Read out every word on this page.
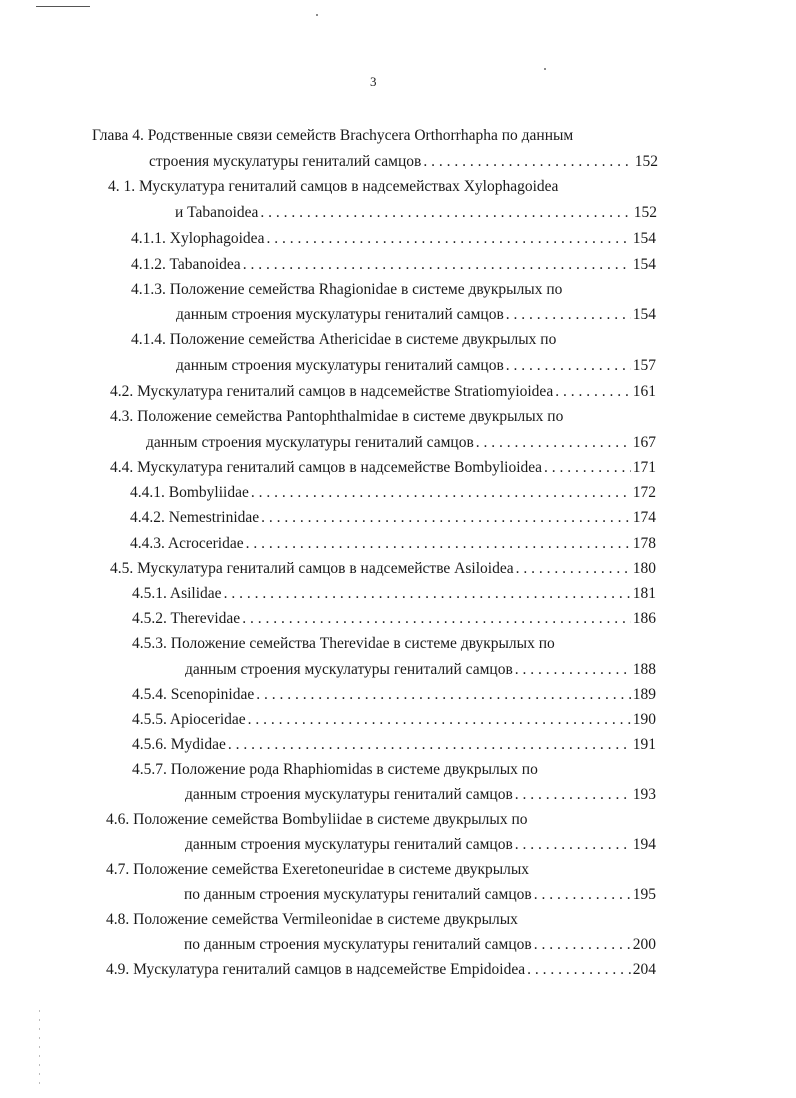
3
Глава 4. Родственные связи семейств Brachycera Orthorrhapha по данным
строения мускулатуры гениталий самцов . . .	152
4. 1. Мускулатура гениталий самцов в надсемействах Xylophagoidea
и Tabanoidea . . .	152
4.1.1. Xylophagoidea . . .	154
4.1.2. Tabanoidea . . .	154
4.1.3. Положение семейства Rhagionidae в системе двукрылых по
данным строения мускулатуры гениталий самцов . . .	154
4.1.4. Положение семейства Athericidae в системе двукрылых по
данным строения мускулатуры гениталий самцов . . .	157
4.2. Мускулатура гениталий самцов в надсемействе Stratiomyioidea . . .	161
4.3. Положение семейства Pantophthalmidae в системе двукрылых по
данным строения мускулатуры гениталий самцов . . .	167
4.4. Мускулатура гениталий самцов в надсемействе Bombylioidea . . .	171
4.4.1. Bombyliidae . . .	172
4.4.2. Nemestrinidae . . .	174
4.4.3. Acroceridae . . .	178
4.5. Мускулатура гениталий самцов в надсемействе Asiloidea . . .	180
4.5.1. Asilidae . . .	181
4.5.2. Therevidae . . .	186
4.5.3. Положение семейства Therevidae в системе двукрылых по
данным строения мускулатуры гениталий самцов . . .	188
4.5.4. Scenopinidae . . .	189
4.5.5. Apioceridae . . .	190
4.5.6. Mydidae . . .	191
4.5.7. Положение рода Rhaphiomidas в системе двукрылых по
данным строения мускулатуры гениталий самцов . . .	193
4.6. Положение семейства Bombyliidae в системе двукрылых по
данным строения мускулатуры гениталий самцов . . .	194
4.7. Положение семейства Exeretoneuridae в системе двукрылых
по данным строения мускулатуры гениталий самцов . . .	195
4.8. Положение семейства Vermileonidae в системе двукрылых
по данным строения мускулатуры гениталий самцов . . .	200
4.9. Мускулатура гениталий самцов в надсемействе Empidoidea . . .	204
